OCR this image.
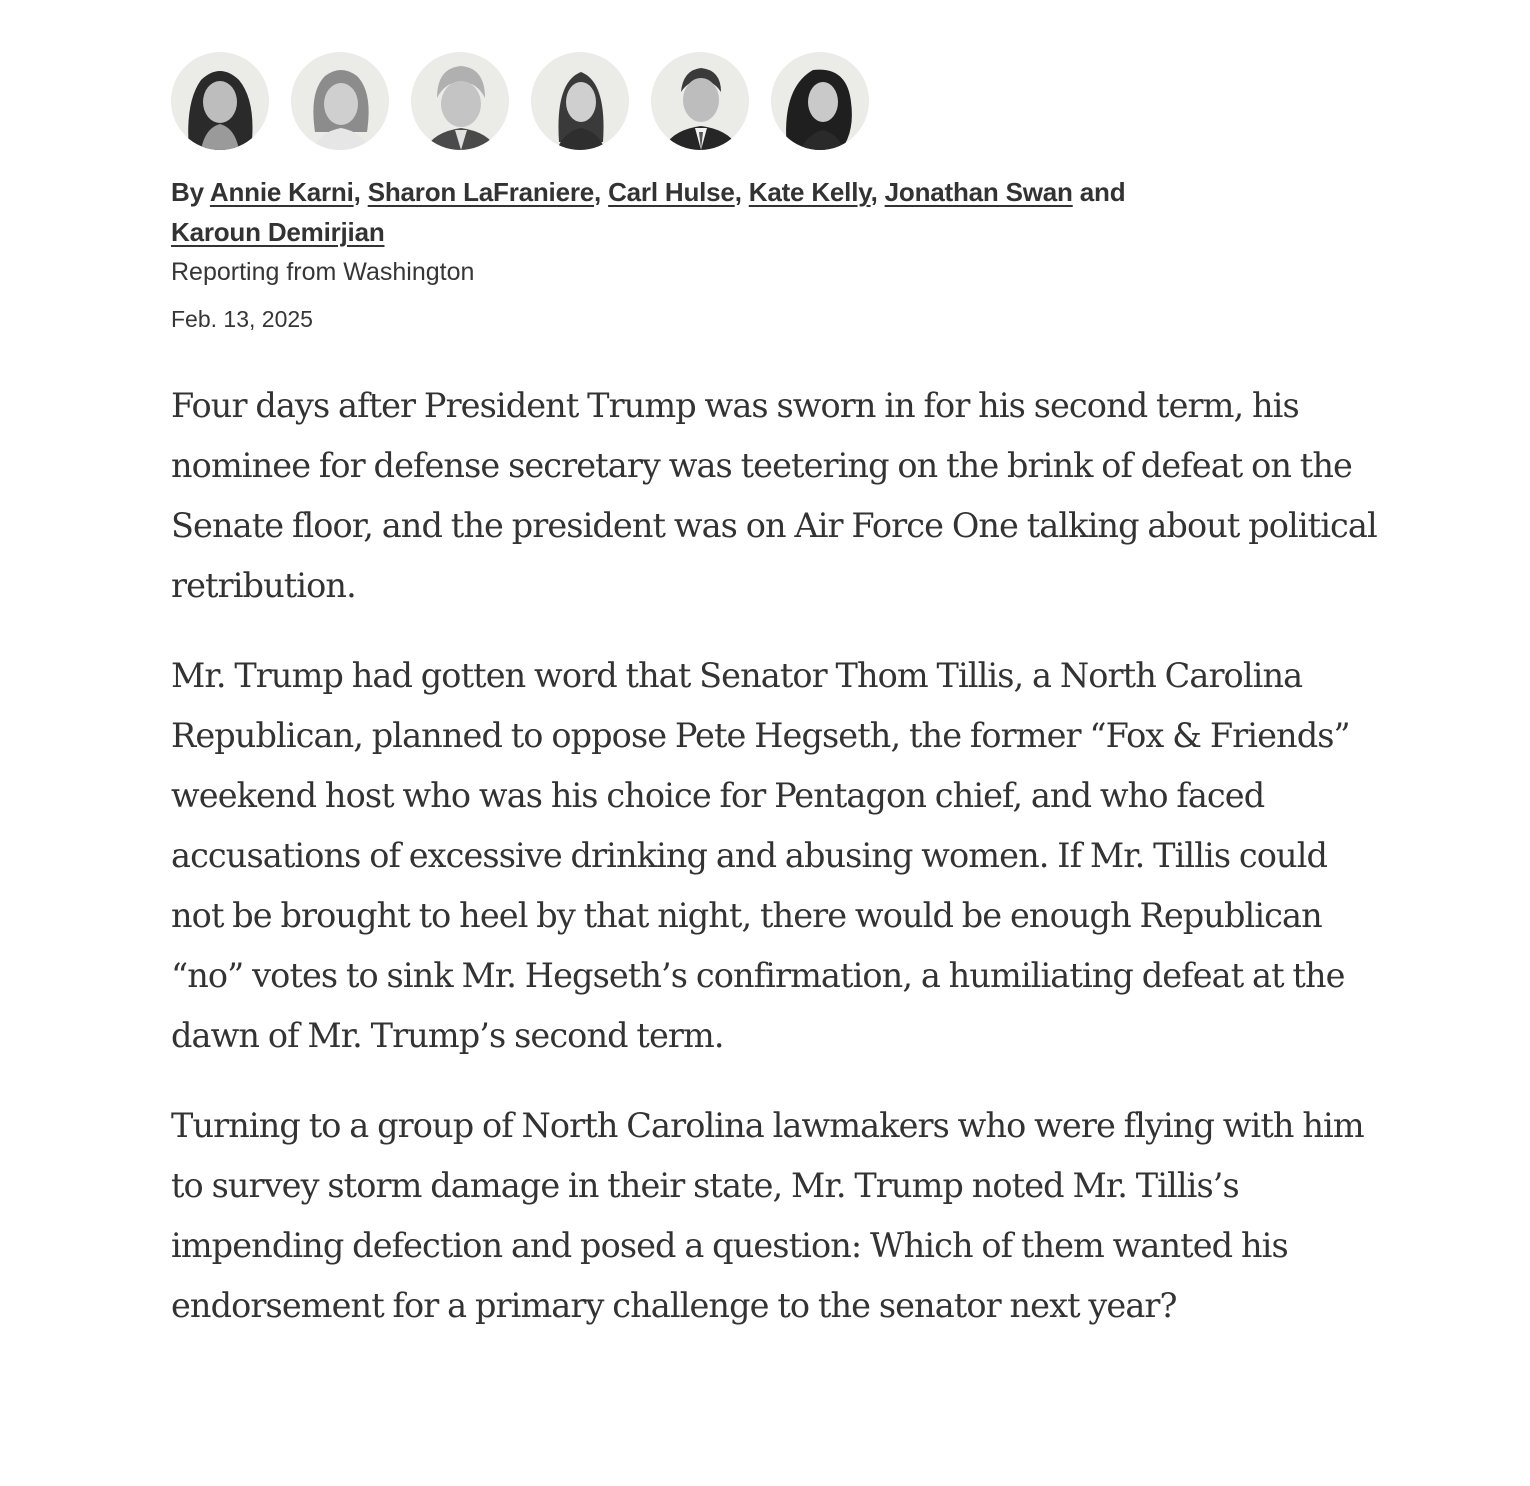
By Annie Karni, Sharon LaFraniere, Carl Hulse, Kate Kelly, Jonathan Swan and
Karoun Demirjian
Reporting from Washington
Feb. 13, 2025

Four days after President Trump was sworn in for his second term, his nominee for defense secretary was teetering on the brink of defeat on the Senate floor, and the president was on Air Force One talking about political retribution.

Mr. Trump had gotten word that Senator Thom Tillis, a North Carolina Republican, planned to oppose Pete Hegseth, the former “Fox & Friends” weekend host who was his choice for Pentagon chief, and who faced accusations of excessive drinking and abusing women. If Mr. Tillis could not be brought to heel by that night, there would be enough Republican “no” votes to sink Mr. Hegseth’s confirmation, a humiliating defeat at the dawn of Mr. Trump’s second term.

Turning to a group of North Carolina lawmakers who were flying with him to survey storm damage in their state, Mr. Trump noted Mr. Tillis’s impending defection and posed a question: Which of them wanted his endorsement for a primary challenge to the senator next year?
